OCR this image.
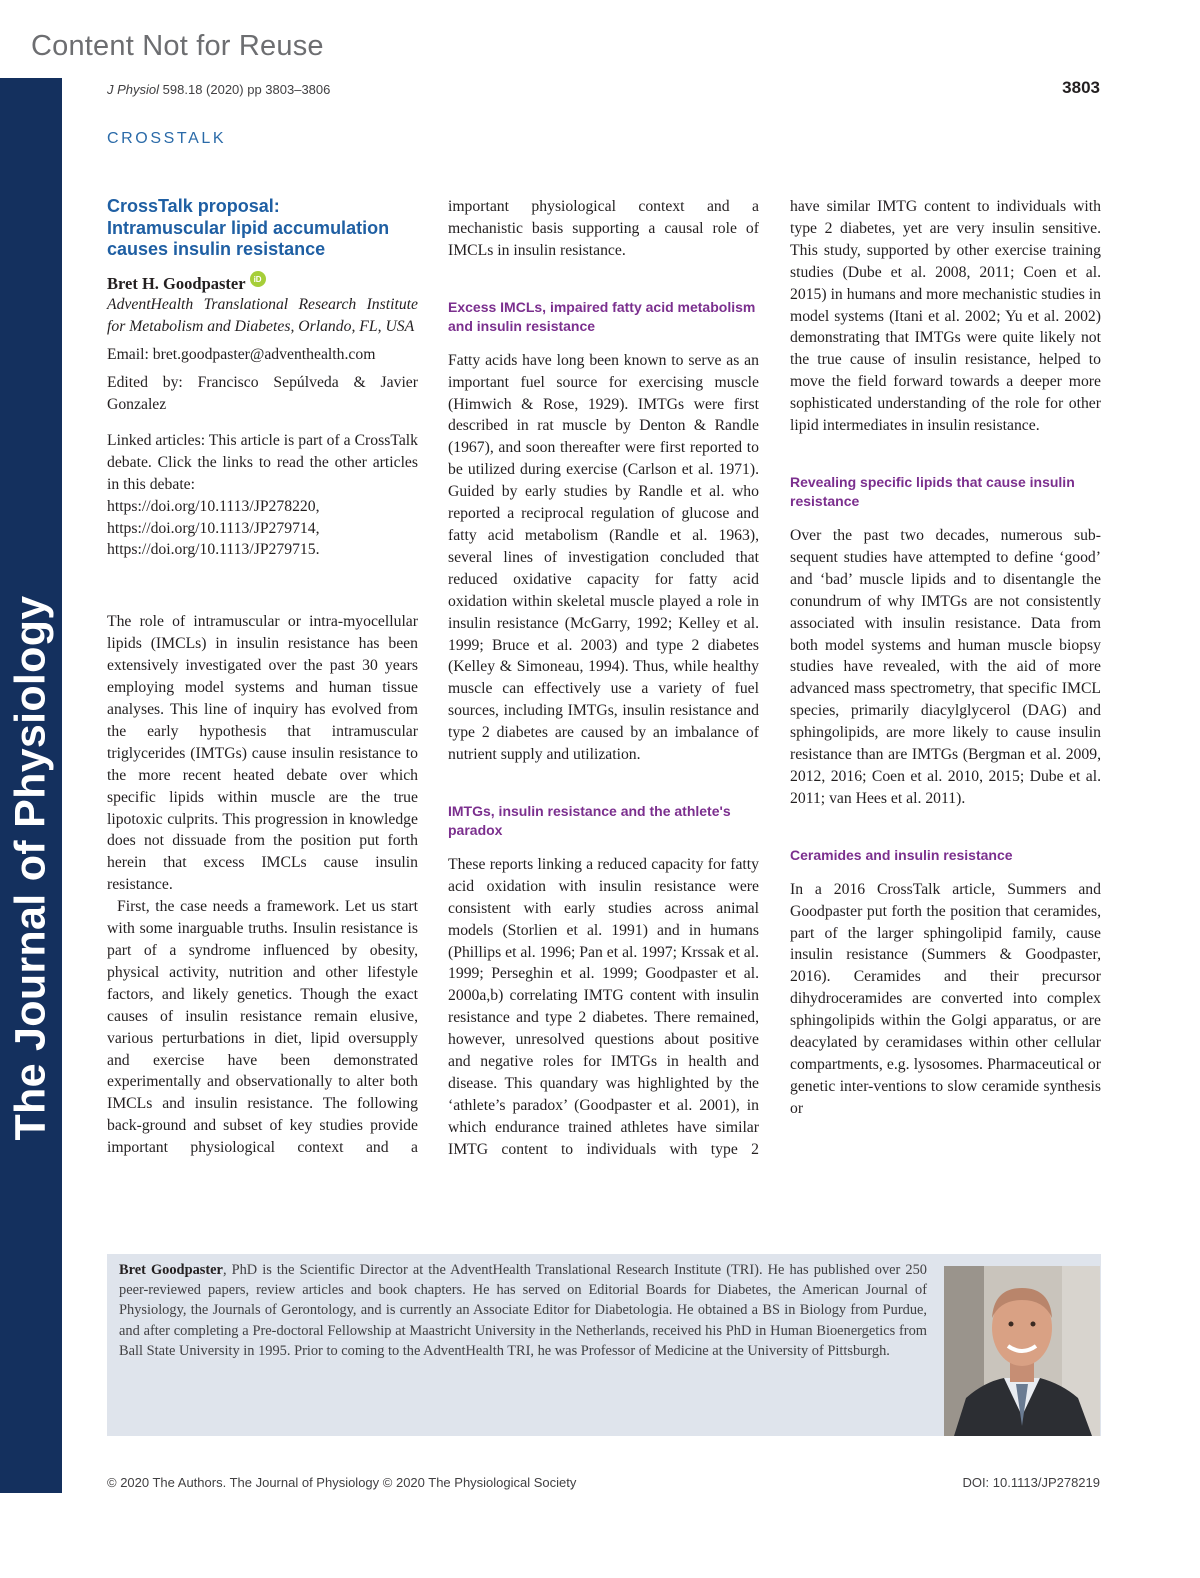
Content Not for Reuse
The Journal of Physiology
J Physiol 598.18 (2020) pp 3803–3806	3803
CROSSTALK
CrossTalk proposal:
Intramuscular lipid accumulation
causes insulin resistance
Bret H. Goodpaster	iD

AdventHealth Translational Research Institute for Metabolism and Diabetes, Orlando, FL, USA

Email: bret.goodpaster@adventhealth.com

Edited by: Francisco Sepúlveda & Javier Gonzalez

Linked articles: This article is part of a CrossTalk debate. Click the links to read the other articles in this debate:
https://doi.org/10.1113/JP278220,
https://doi.org/10.1113/JP279714,
https://doi.org/10.1113/JP279715.

The role of intramuscular or intra-myocellular lipids (IMCLs) in insulin resistance has been extensively investigated over the past 30 years employing model systems and human tissue analyses. This line of inquiry has evolved from the early hypothesis that intramuscular triglycerides (IMTGs) cause insulin resistance to the more recent heated debate over which specific lipids within muscle are the true lipotoxic culprits. This progression in knowledge does not dissuade from the position put forth herein that excess IMCLs cause insulin resistance.

First, the case needs a framework. Let us start with some inarguable truths. Insulin resistance is part of a syndrome influenced by obesity, physical activity, nutrition and other lifestyle factors, and likely genetics. Though the exact causes of insulin resistance remain elusive, various perturbations in diet, lipid oversupply and exercise have been demonstrated experimentally and observationally to alter both IMCLs and insulin resistance. The following back-ground and subset of key studies provide important physiological context and a

important physiological context and a mechanistic basis supporting a causal role of IMCLs in insulin resistance.

Excess IMCLs, impaired fatty acid metabolism and insulin resistance

Fatty acids have long been known to serve as an important fuel source for exercising muscle (Himwich & Rose, 1929). IMTGs were first described in rat muscle by Denton & Randle (1967), and soon thereafter were first reported to be utilized during exercise (Carlson et al. 1971). Guided by early studies by Randle et al. who reported a reciprocal regulation of glucose and fatty acid metabolism (Randle et al. 1963), several lines of investigation concluded that reduced oxidative capacity for fatty acid oxidation within skeletal muscle played a role in insulin resistance (McGarry, 1992; Kelley et al. 1999; Bruce et al. 2003) and type 2 diabetes (Kelley & Simoneau, 1994). Thus, while healthy muscle can effectively use a variety of fuel sources, including IMTGs, insulin resistance and type 2 diabetes are caused by an imbalance of nutrient supply and utilization.

IMTGs, insulin resistance and the athlete's paradox

These reports linking a reduced capacity for fatty acid oxidation with insulin resistance were consistent with early studies across animal models (Storlien et al. 1991) and in humans (Phillips et al. 1996; Pan et al. 1997; Krssak et al. 1999; Perseghin et al. 1999; Goodpaster et al. 2000a,b) correlating IMTG content with insulin resistance and type 2 diabetes. There remained, however, unresolved questions about positive and negative roles for IMTGs in health and disease. This quandary was highlighted by the ‘athlete’s paradox’ (Goodpaster et al. 2001), in which endurance trained athletes have similar IMTG content to individuals with type 2

have similar IMTG content to individuals with type 2 diabetes, yet are very insulin sensitive. This study, supported by other exercise training studies (Dube et al. 2008, 2011; Coen et al. 2015) in humans and more mechanistic studies in model systems (Itani et al. 2002; Yu et al. 2002) demonstrating that IMTGs were quite likely not the true cause of insulin resistance, helped to move the field forward towards a deeper more sophisticated understanding of the role for other lipid intermediates in insulin resistance.

Revealing specific lipids that cause insulin resistance

Over the past two decades, numerous sub-sequent studies have attempted to define ‘good’ and ‘bad’ muscle lipids and to disentangle the conundrum of why IMTGs are not consistently associated with insulin resistance. Data from both model systems and human muscle biopsy studies have revealed, with the aid of more advanced mass spectrometry, that specific IMCL species, primarily diacylglycerol (DAG) and sphingolipids, are more likely to cause insulin resistance than are IMTGs (Bergman et al. 2009, 2012, 2016; Coen et al. 2010, 2015; Dube et al. 2011; van Hees et al. 2011).

Ceramides and insulin resistance

In a 2016 CrossTalk article, Summers and Goodpaster put forth the position that ceramides, part of the larger sphingolipid family, cause insulin resistance (Summers & Goodpaster, 2016). Ceramides and their precursor dihydroceramides are converted into complex sphingolipids within the Golgi apparatus, or are deacylated by ceramidases within other cellular compartments, e.g. lysosomes. Pharmaceutical or genetic inter-ventions to slow ceramide synthesis or

Bret Goodpaster, PhD is the Scientific Director at the AdventHealth Translational Research Institute (TRI). He has published over 250 peer-reviewed papers, review articles and book chapters. He has served on Editorial Boards for Diabetes, the American Journal of Physiology, the Journals of Gerontology, and is currently an Associate Editor for Diabetologia. He obtained a BS in Biology from Purdue, and after completing a Pre-doctoral Fellowship at Maastricht University in the Netherlands, received his PhD in Human Bioenergetics from Ball State University in 1995. Prior to coming to the AdventHealth TRI, he was Professor of Medicine at the University of Pittsburgh.
© 2020 The Authors. The Journal of Physiology © 2020 The Physiological Society	DOI: 10.1113/JP278219
